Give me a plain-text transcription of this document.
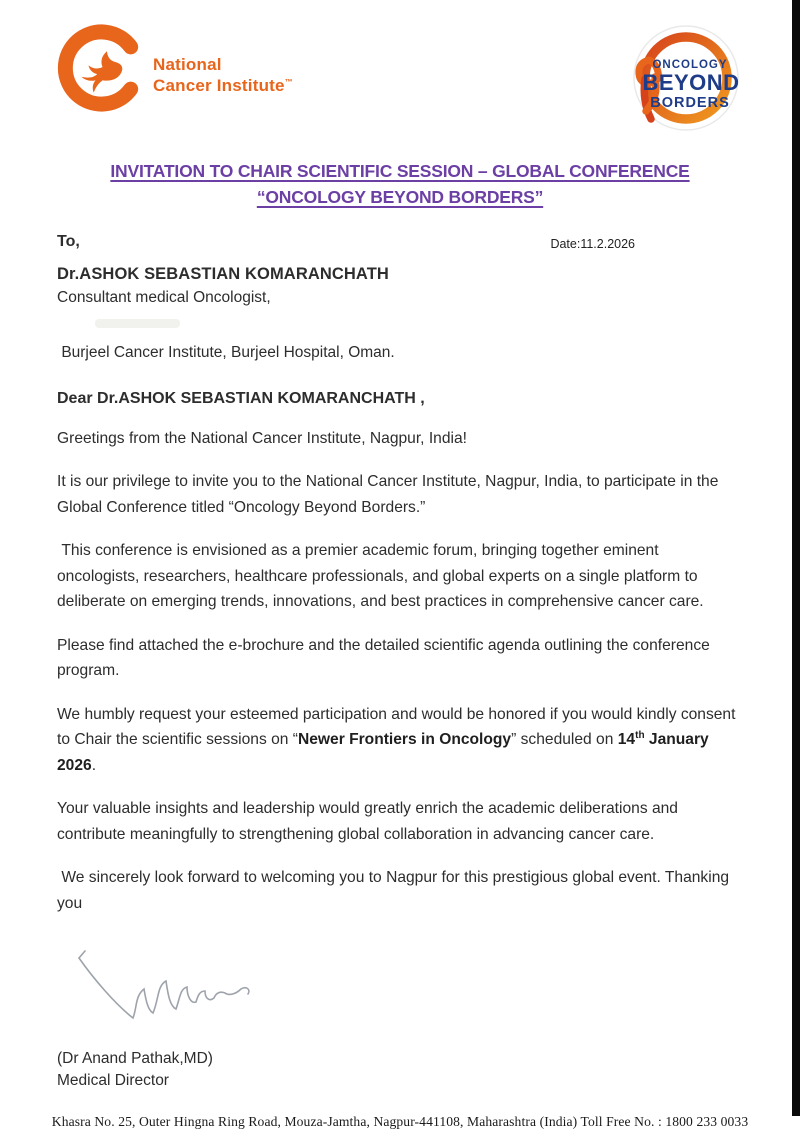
National
Cancer Institute™
ONCOLOGY
BEYOND
BORDERS
INVITATION TO CHAIR SCIENTIFIC SESSION – GLOBAL CONFERENCE
“ONCOLOGY BEYOND BORDERS”
To,	Date:11.2.2026
Dr.ASHOK SEBASTIAN KOMARANCHATH
Consultant medical Oncologist,
Burjeel Cancer Institute, Burjeel Hospital, Oman.
Dear Dr.ASHOK SEBASTIAN KOMARANCHATH ,
Greetings from the National Cancer Institute, Nagpur, India!
It is our privilege to invite you to the National Cancer Institute, Nagpur, India, to participate in the Global Conference titled “Oncology Beyond Borders.”
This conference is envisioned as a premier academic forum, bringing together eminent oncologists, researchers, healthcare professionals, and global experts on a single platform to deliberate on emerging trends, innovations, and best practices in comprehensive cancer care.
Please find attached the e-brochure and the detailed scientific agenda outlining the conference program.
We humbly request your esteemed participation and would be honored if you would kindly consent to Chair the scientific sessions on “Newer Frontiers in Oncology” scheduled on 14th January 2026.
Your valuable insights and leadership would greatly enrich the academic deliberations and contribute meaningfully to strengthening global collaboration in advancing cancer care.
We sincerely look forward to welcoming you to Nagpur for this prestigious global event. Thanking you
(Dr Anand Pathak,MD)
Medical Director
Khasra No. 25, Outer Hingna Ring Road, Mouza-Jamtha, Nagpur-441108, Maharashtra (India) Toll Free No. : 1800 233 0033
